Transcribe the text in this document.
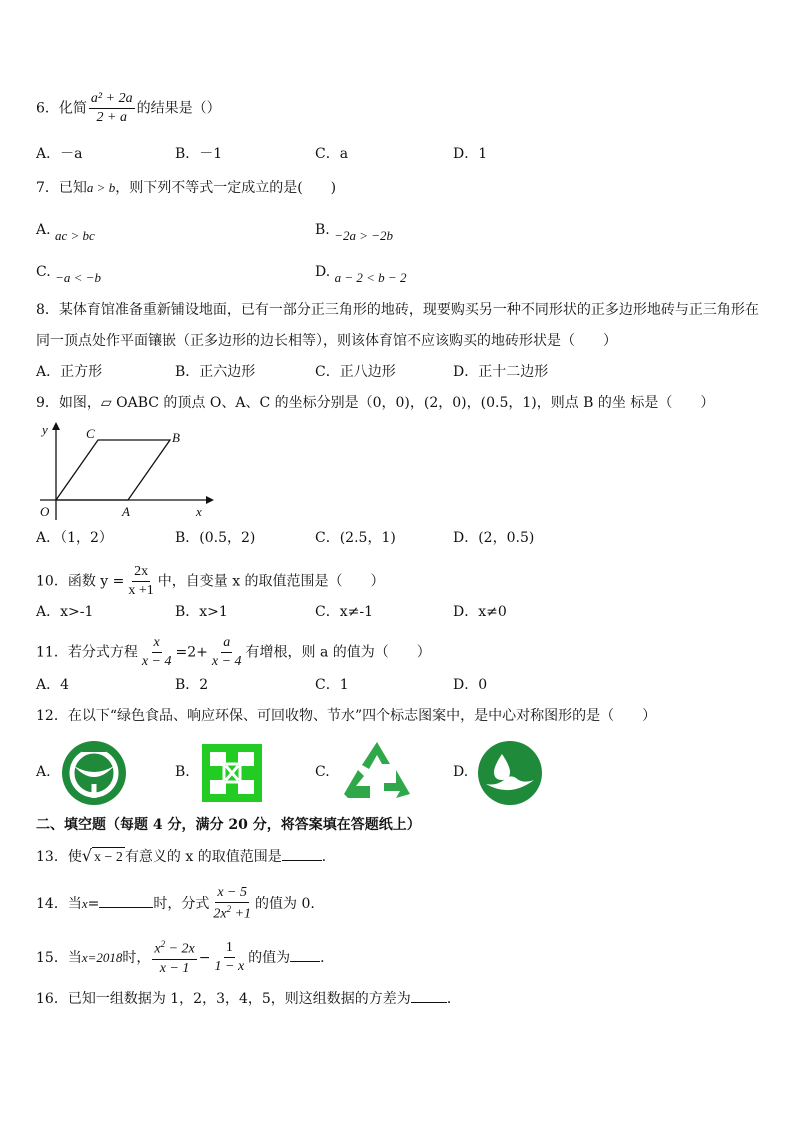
6．化简 $\frac{\text{a² + 2a}}{2 + a}$ 的结果是（）
A．－a	B．－1	C．a	D．1
7．已知a > b，则下列不等式一定成立的是(　　)
A. ac > bc	B. −2a > −2b
C. −a < −b	D. a − 2 < b − 2
8．某体育馆准备重新铺设地面，已有一部分正三角形的地砖，现要购买另一种不同形状的正多边形地砖与正三角形在
同一顶点处作平面镶嵌（正多边形的边长相等），则该体育馆不应该购买的地砖形状是（　　）
A．正方形	B．正六边形	C．正八边形	D．正十二边形
9．如图，▱ OABC 的顶点 O、A、C 的坐标分别是（0，0)，(2，0)，(0.5，1)，则点 B 的坐 标是（　　）
y
x
O	A
B
C
A．（1，2）	B．(0.5，2)	C．(2.5，1)	D．(2，0.5)
10．函数 $y = \frac{2x}{x +1}$ 中，自变量 x 的取值范围是（　　）
A．x>-1	B．x>1	C．x≠-1	D．x≠0
11．若分式方程 $\frac{x}{x - 4} =2+ \frac{a}{x - 4}$ 有增根，则 a 的值为（　　）
A．4	B．2	C．1	D．0
12．在以下“绿色食品、响应环保、可回收物、节水”四个标志图案中，是中心对称图形的是（　　）
A.	B.	C.	D.
二、填空题（每题 4 分，满分 20 分，将答案填在答题纸上）
13．使√ x − 2 有意义的 x 的取值范围是	．
14．当x=	时，分式 $\frac{x - 5}{2x^2 +1}$ 的值为 0.
15．当x=2018时， $\frac{x^2 - 2x}{x - 1} - \frac{1}{1 - x}$ 的值为 ．
16．已知一组数据为 1，2，3，4，5，则这组数据的方差为	．
